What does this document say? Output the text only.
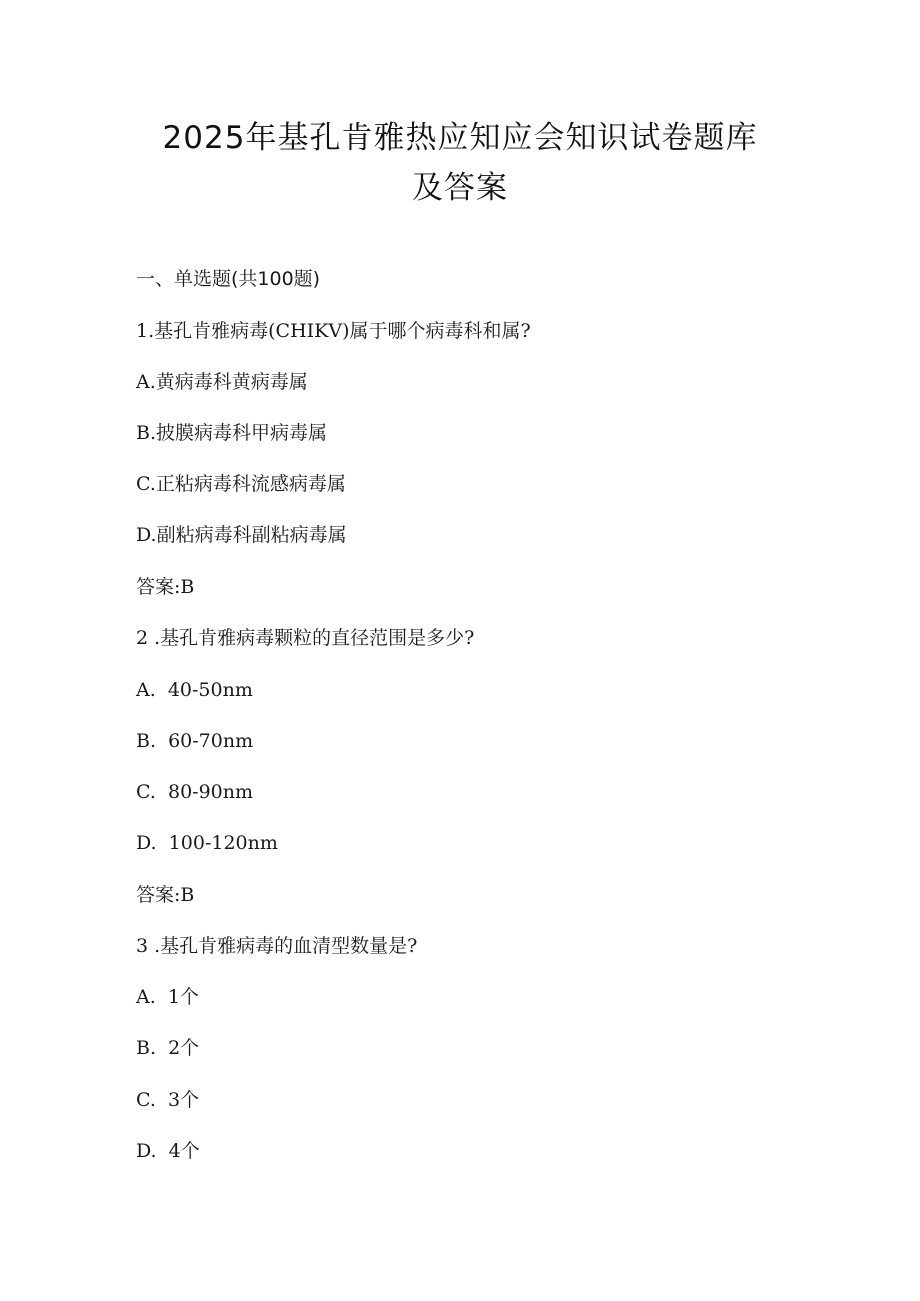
2025年基孔肯雅热应知应会知识试卷题库
及答案
一、单选题(共100题)
1.基孔肯雅病毒(CHIKV)属于哪个病毒科和属?
A.黄病毒科黄病毒属
B.披膜病毒科甲病毒属
C.正粘病毒科流感病毒属
D.副粘病毒科副粘病毒属
答案:B
2 .基孔肯雅病毒颗粒的直径范围是多少?
A.  40-50nm
B.  60-70nm
C.  80-90nm
D.  100-120nm
答案:B
3 .基孔肯雅病毒的血清型数量是?
A.  1个
B.  2个
C.  3个
D.  4个
